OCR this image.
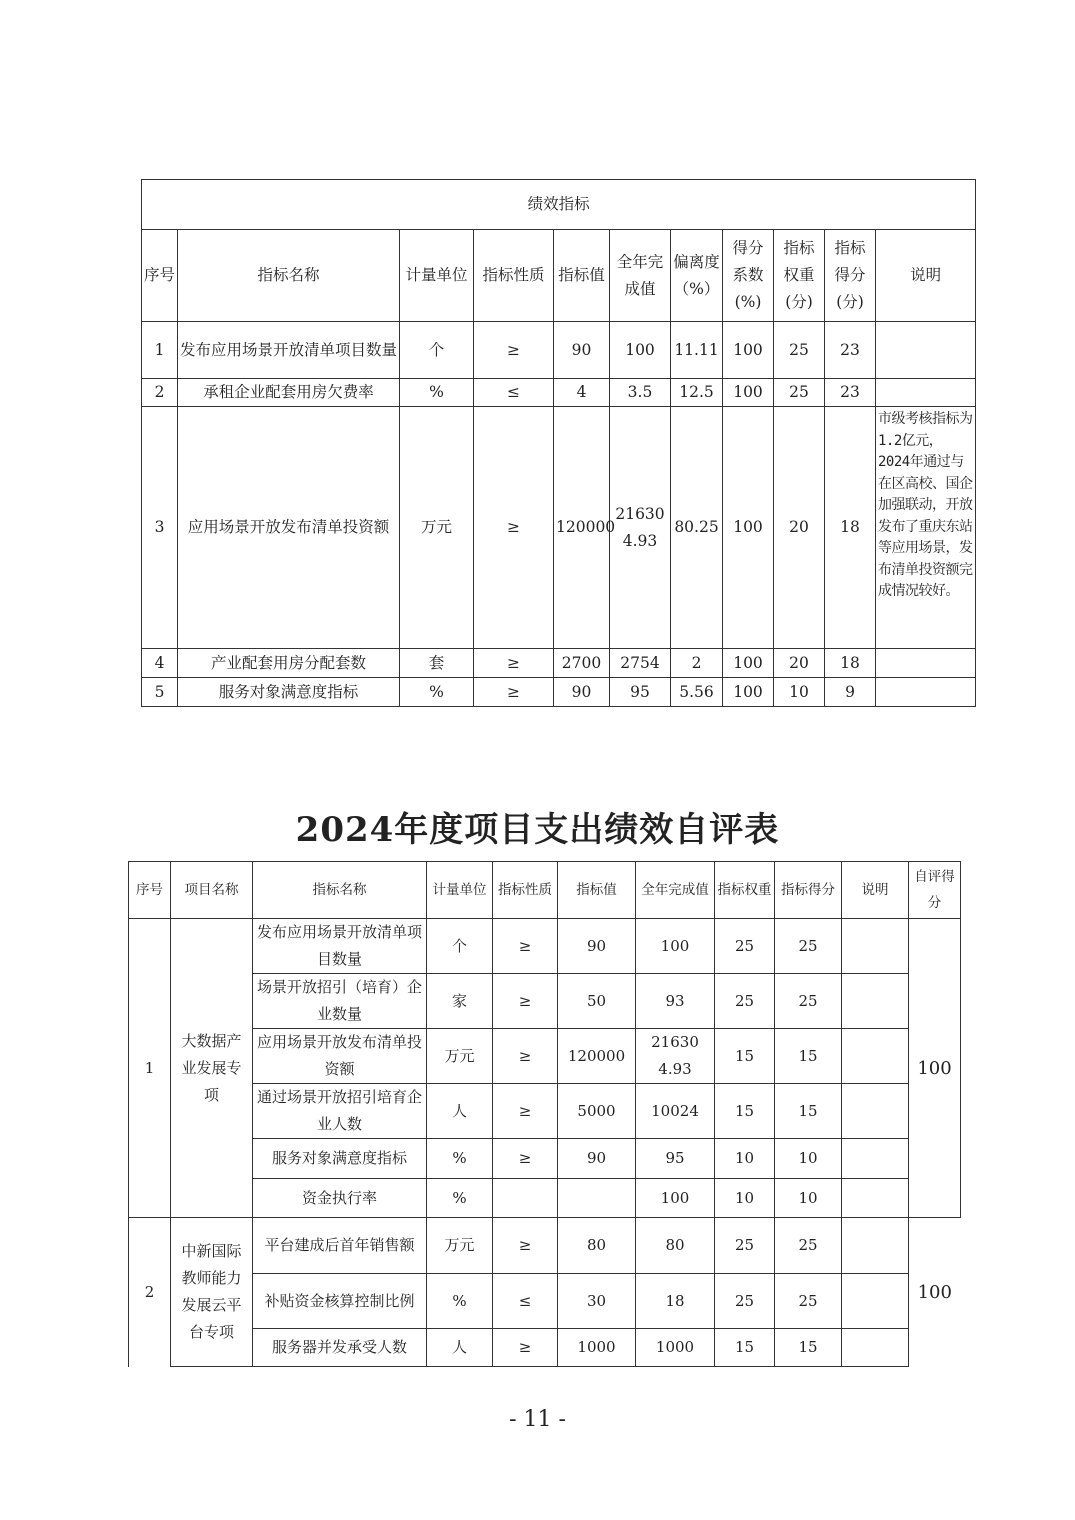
绩效指标										
序号	指标名称	计量单位	指标性质	指标值	全年完成值	偏离度（%）	得分系数(%)	指标权重(分)	指标得分(分)	说明
1	发布应用场景开放清单项目数量	个	≥	90	100	11.11	100	25	23	
2	承租企业配套用房欠费率	%	≤	4	3.5	12.5	100	25	23	
3	应用场景开放发布清单投资额	万元	≥	120000	216304.93	80.25	100	20	18	市级考核指标为1.2亿元，2024年通过与在区高校、国企加强联动，开放发布了重庆东站等应用场景，发布清单投资额完成情况较好。
4	产业配套用房分配套数	套	≥	2700	2754	2	100	20	18	
5	服务对象满意度指标	%	≥	90	95	5.56	100	10	9	
2024年度项目支出绩效自评表
序号	项目名称	指标名称	计量单位	指标性质	指标值	全年完成值	指标权重	指标得分	说明	自评得分
1	大数据产业发展专项	发布应用场景开放清单项目数量	个	≥	90	100	25	25		100
		场景开放招引（培育）企业数量	家	≥	50	93	25	25		
		应用场景开放发布清单投资额	万元	≥	120000	216304.93	15	15		
		通过场景开放招引培育企业人数	人	≥	5000	10024	15	15		
		服务对象满意度指标	%	≥	90	95	10	10		
		资金执行率	%			100	10	10		
2	中新国际教师能力发展云平台专项	平台建成后首年销售额	万元	≥	80	80	25	25		100
		补贴资金核算控制比例	%	≤	30	18	25	25		
		服务器并发承受人数	人	≥	1000	1000	15	15		
- 11 -
